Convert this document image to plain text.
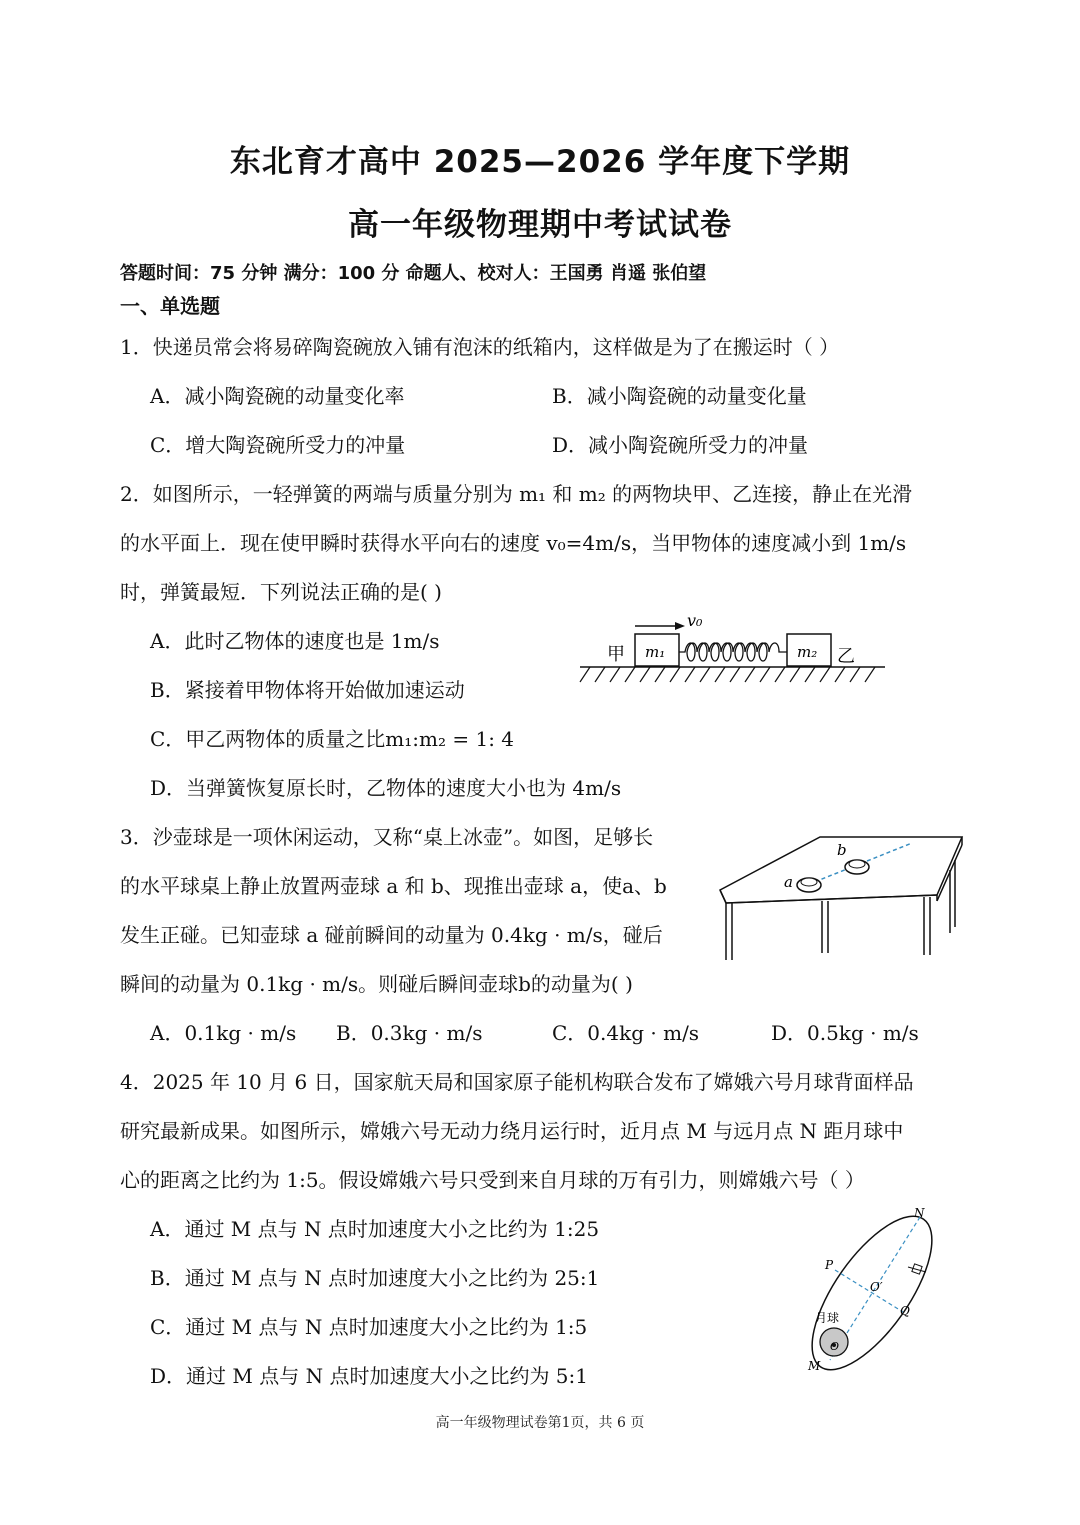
东北育才高中 2025—2026 学年度下学期
高一年级物理期中考试试卷
答题时间：75 分钟 满分：100 分 命题人、校对人：王国勇 肖遥 张伯望
一、单选题
1．快递员常会将易碎陶瓷碗放入铺有泡沫的纸箱内，这样做是为了在搬运时（ ）
A．减小陶瓷碗的动量变化率	B．减小陶瓷碗的动量变化量
C．增大陶瓷碗所受力的冲量	D．减小陶瓷碗所受力的冲量
2．如图所示，一轻弹簧的两端与质量分别为 m₁ 和 m₂ 的两物块甲、乙连接，静止在光滑
的水平面上．现在使甲瞬时获得水平向右的速度 v₀=4m/s，当甲物体的速度减小到 1m/s
时，弹簧最短．下列说法正确的是( )
A．此时乙物体的速度也是 1m/s
B．紧接着甲物体将开始做加速运动
C．甲乙两物体的质量之比m₁:m₂ = 1: 4
D．当弹簧恢复原长时，乙物体的速度大小也为 4m/s
v₀
甲	乙
m₁	m₂
3．沙壶球是一项休闲运动，又称“桌上冰壶”。如图，足够长
的水平球桌上静止放置两壶球 a 和 b、现推出壶球 a，使a、b
发生正碰。已知壶球 a 碰前瞬间的动量为 0.4kg · m/s，碰后
瞬间的动量为 0.1kg · m/s。则碰后瞬间壶球b的动量为( )
A．0.1kg · m/s B．0.3kg · m/s	C．0.4kg · m/s	D．0.5kg · m/s
a
b
4．2025 年 10 月 6 日，国家航天局和国家原子能机构联合发布了嫦娥六号月球背面样品
研究最新成果。如图所示，嫦娥六号无动力绕月运行时，近月点 M 与远月点 N 距月球中
心的距离之比约为 1:5。假设嫦娥六号只受到来自月球的万有引力，则嫦娥六号（ ）
A．通过 M 点与 N 点时加速度大小之比约为 1:25
B．通过 M 点与 N 点时加速度大小之比约为 25:1
C．通过 M 点与 N 点时加速度大小之比约为 1:5
D．通过 M 点与 N 点时加速度大小之比约为 5:1
N
P
O′
Q
月球
O
M
高一年级物理试卷第1页，共 6 页
